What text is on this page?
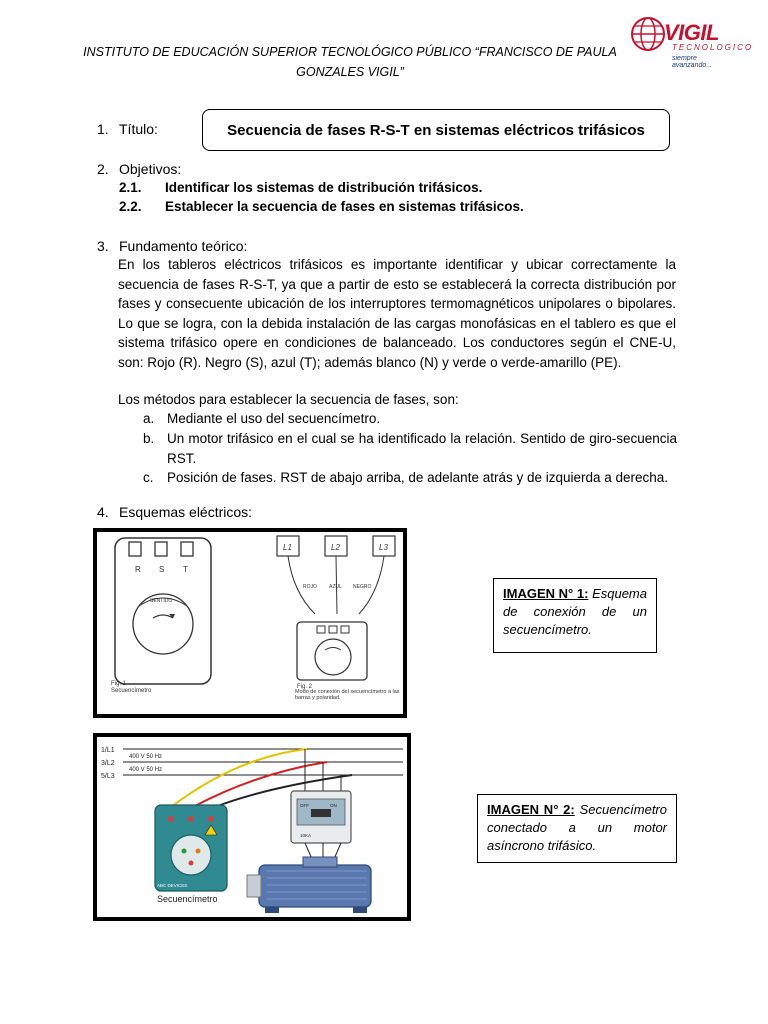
INSTITUTO DE EDUCACIÓN SUPERIOR TECNOLÓGICO PÚBLICO “FRANCISCO DE PAULA GONZALES VIGIL”
VIGIL
TECNOLOGICO
siempre avanzando...
1. Título:	Secuencia de fases R-S-T en sistemas eléctricos trifásicos
2. Objetivos:
2.1. Identificar los sistemas de distribución trifásicos.
2.2. Establecer la secuencia de fases en sistemas trifásicos.
3. Fundamento teórico:

En los tableros eléctricos trifásicos es importante identificar y ubicar correctamente la secuencia de fases R-S-T, ya que a partir de esto se establecerá la correcta distribución por fases y consecuente ubicación de los interruptores termomagnéticos unipolares o bipolares. Lo que se logra, con la debida instalación de las cargas monofásicas en el tablero es que el sistema trifásico opere en condiciones de balanceado. Los conductores según el CNE-U, son: Rojo (R). Negro (S), azul (T); además blanco (N) y verde o verde-amarillo (PE).

Los métodos para establecer la secuencia de fases, son:
a. Mediante el uso del secuencímetro.
b. Un motor trifásico en el cual se ha identificado la relación. Sentido de giro-secuencia RST.
c. Posición de fases. RST de abajo arriba, de adelante atrás y de izquierda a derecha.
4. Esquemas eléctricos:
R S T
SENTIDO
Fig. 1
Secuencímetro
L1	L2	L3
ROJO AZUL NEGRO
Fig. 2
Modo de conexión del secuencímetro a las barras y polaridad.
IMAGEN N° 1: Esquema de conexión de un secuencímetro.
1/L1
3/L2
5/L3
400 V 50 Hz
400 V 50 Hz
ABC DEVICES
Secuencímetro
OFF	ON
10KA
IMAGEN N° 2: Secuencímetro conectado a un motor asíncrono trifásico.
